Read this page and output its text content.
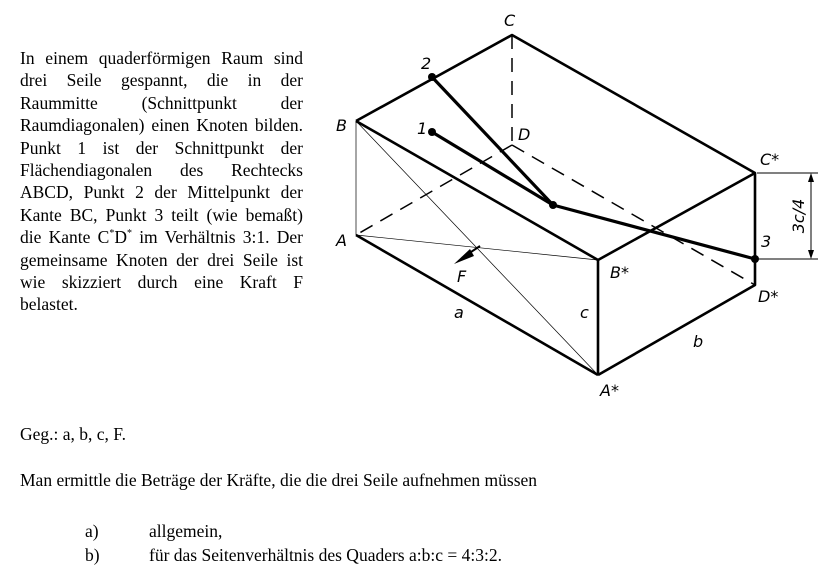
In einem quaderförmigen Raum sind drei Seile gespannt, die in der Raummitte (Schnittpunkt der Raumdiagonalen) einen Knoten bilden. Punkt 1 ist der Schnittpunkt der Flächendiagonalen des Rechtecks ABCD, Punkt 2 der Mittelpunkt der Kante BC, Punkt 3 teilt (wie bemaßt) die Kante C*D* im Verhältnis 3:1. Der gemeinsame Knoten der drei Seile ist wie skizziert durch eine Kraft F belastet.

Geg.: a, b, c, F.

Man ermittle die Beträge der Kräfte, die die drei Seile aufnehmen müssen

a)	allgemein,
b)	für das Seitenverhältnis des Quaders a:b:c = 4:3:2.
C
B
A
D
C*
B*
D*
A*
2
1
3
F
a
b
c
3c/4
